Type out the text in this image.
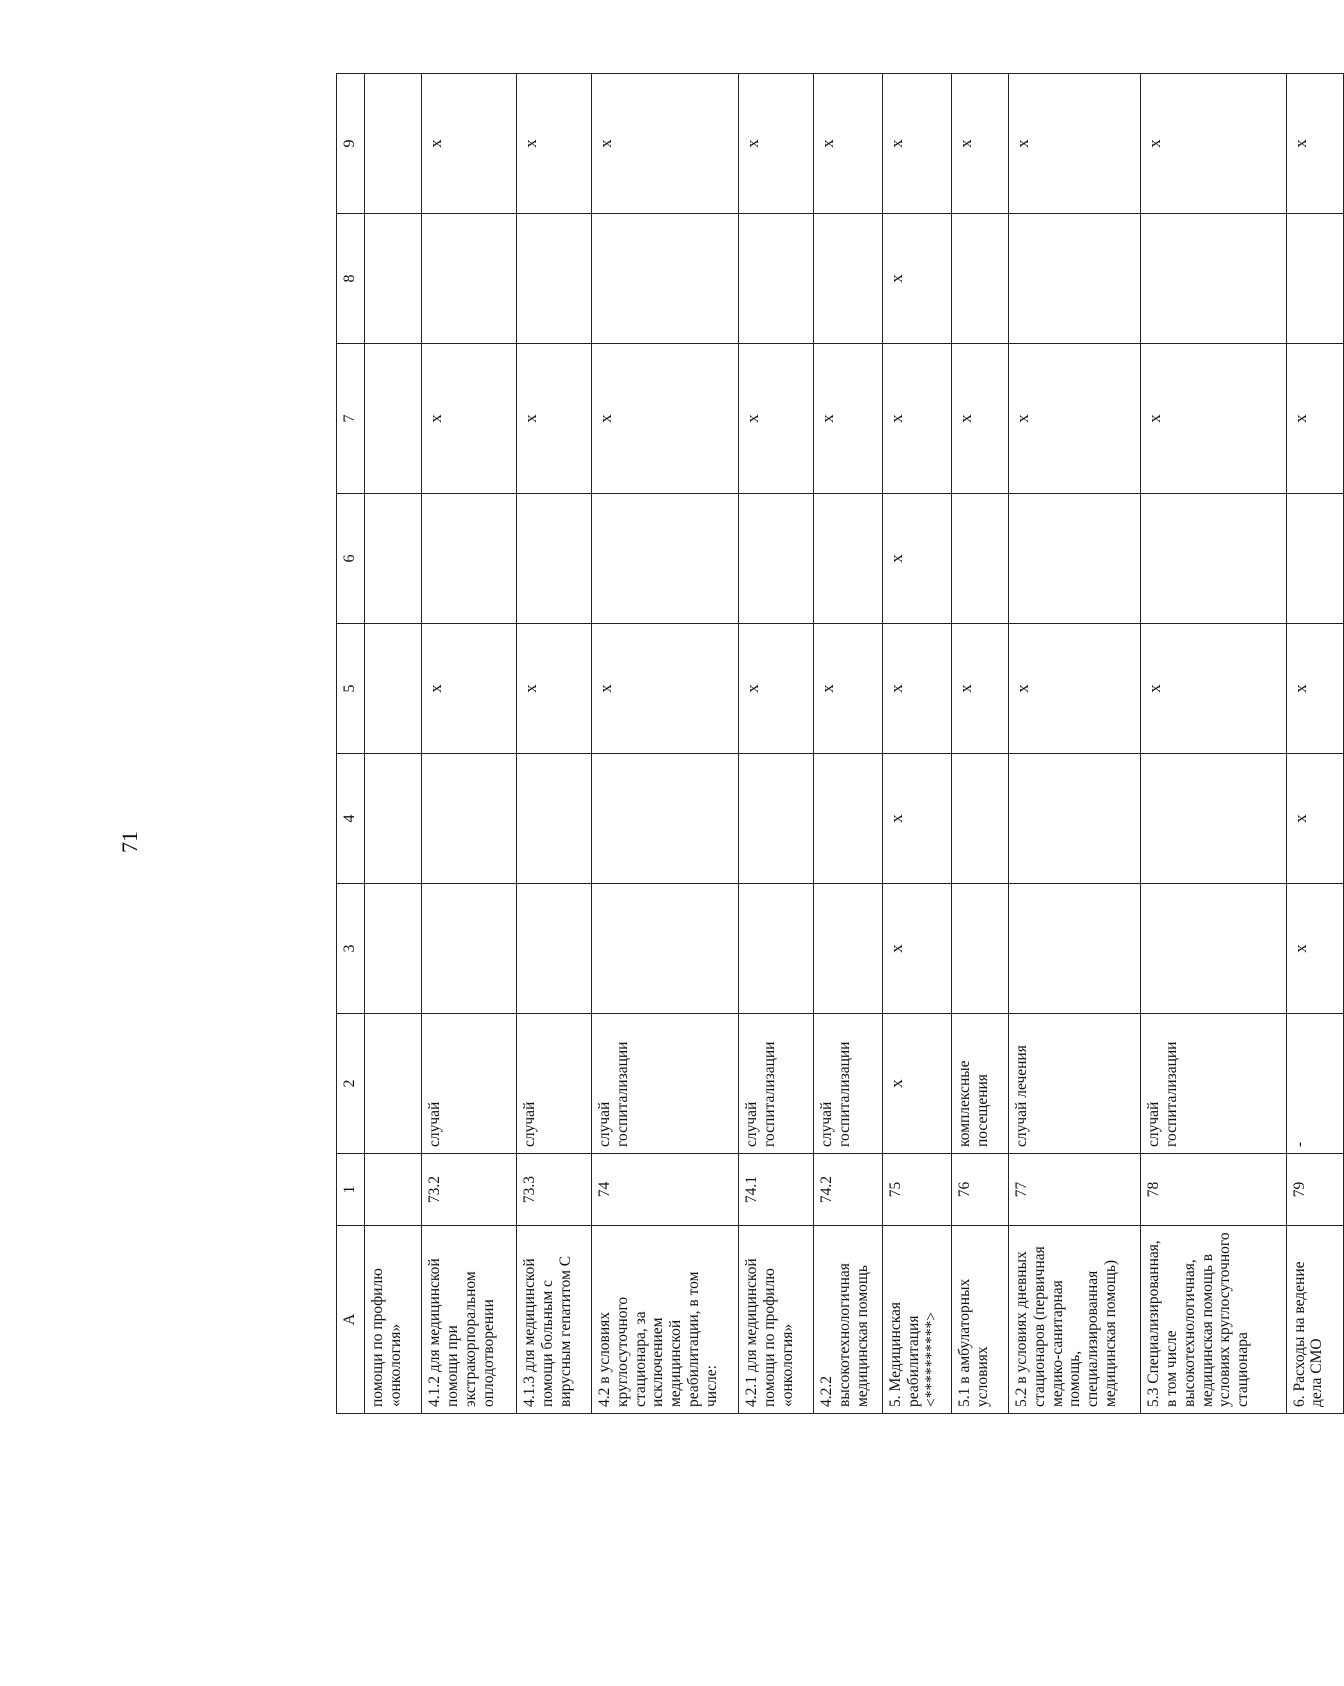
71
A	1	2	3	4	5	6	7	8	9
помощи по профилю «онкология»									
4.1.2 для медицинской помощи при экстракорпоральном оплодотворении	73.2	случай			x		x		x
4.1.3 для медицинской помощи больным с вирусным гепатитом С	73.3	случай			x		x		x
4.2 в условиях круглосуточного стационара, за исключением медицинской реабилитации, в том числе:	74	случай госпитализации			x		x		x
4.2.1 для медицинской помощи по профилю «онкология»	74.1	случай госпитализации			x		x		x
4.2.2 высокотехнологичная медицинская помощь	74.2	случай госпитализации			x		x		x
5. Медицинская реабилитация <**********>	75	x	x	x	x	x	x	x	x
5.1 в амбулаторных условиях	76	комплексные посещения			x		x		x
5.2 в условиях дневных стационаров (первичная медико-санитарная помощь, специализированная медицинская помощь)	77	случай лечения			x		x		x
5.3 Специализированная, в том числе высокотехнологичная, медицинская помощь в условиях круглосуточного стационара	78	случай госпитализации			x		x		x
6. Расходы на ведение дела СМО	79	-	x	x	x		x		x
